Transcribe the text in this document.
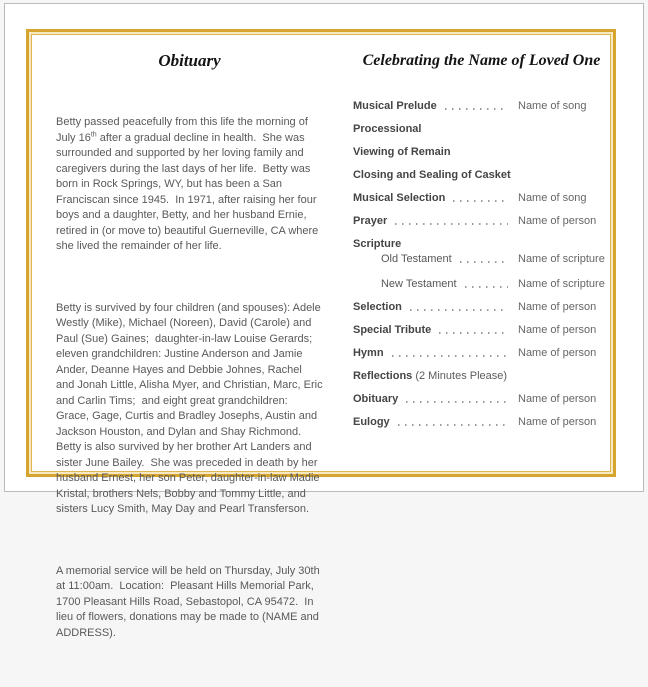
Obituary

Betty passed peacefully from this life the morning of July 16th after a gradual decline in health.  She was surrounded and supported by her loving family and caregivers during the last days of her life.  Betty was born in Rock Springs, WY, but has been a San Franciscan since 1945.  In 1971, after raising her four boys and a daughter, Betty, and her husband Ernie, retired in (or move to) beautiful Guerneville, CA where she lived the remainder of her life.

Betty is survived by four children (and spouses): Adele Westly (Mike), Michael (Noreen), David (Carole) and Paul (Sue) Gaines;  daughter-in-law Louise Gerards;  eleven grandchildren: Justine Anderson and Jamie Ander, Deanne Hayes and Debbie Johnes, Rachel and Jonah Little, Alisha Myer, and Christian, Marc, Eric and Carlin Tims;  and eight great grandchildren: Grace, Gage, Curtis and Bradley Josephs, Austin and Jackson Houston, and Dylan and Shay Richmond. Betty is also survived by her brother Art Landers and sister June Bailey.  She was preceded in death by her husband Ernest, her son Peter, daughter-in-law Madie Kristal, brothers Nels, Bobby and Tommy Little, and sisters Lucy Smith, May Day and Pearl Transferson.

A memorial service will be held on Thursday, July 30th at 11:00am.  Location:  Pleasant Hills Memorial Park, 1700 Pleasant Hills Road, Sebastopol, CA 95472.  In lieu of flowers, donations may be made to (NAME and ADDRESS).

Celebrating the Name of Loved One
Musical Prelude	Name of song
Processional
Viewing of Remain
Closing and Sealing of Casket
Musical Selection	Name of song
Prayer	Name of person
Scripture
Old Testament	Name of scripture
New Testament	Name of scripture
Selection	Name of person
Special Tribute	Name of person
Hymn	Name of person
Reflections (2 Minutes Please)
Obituary	Name of person
Eulogy	Name of person
